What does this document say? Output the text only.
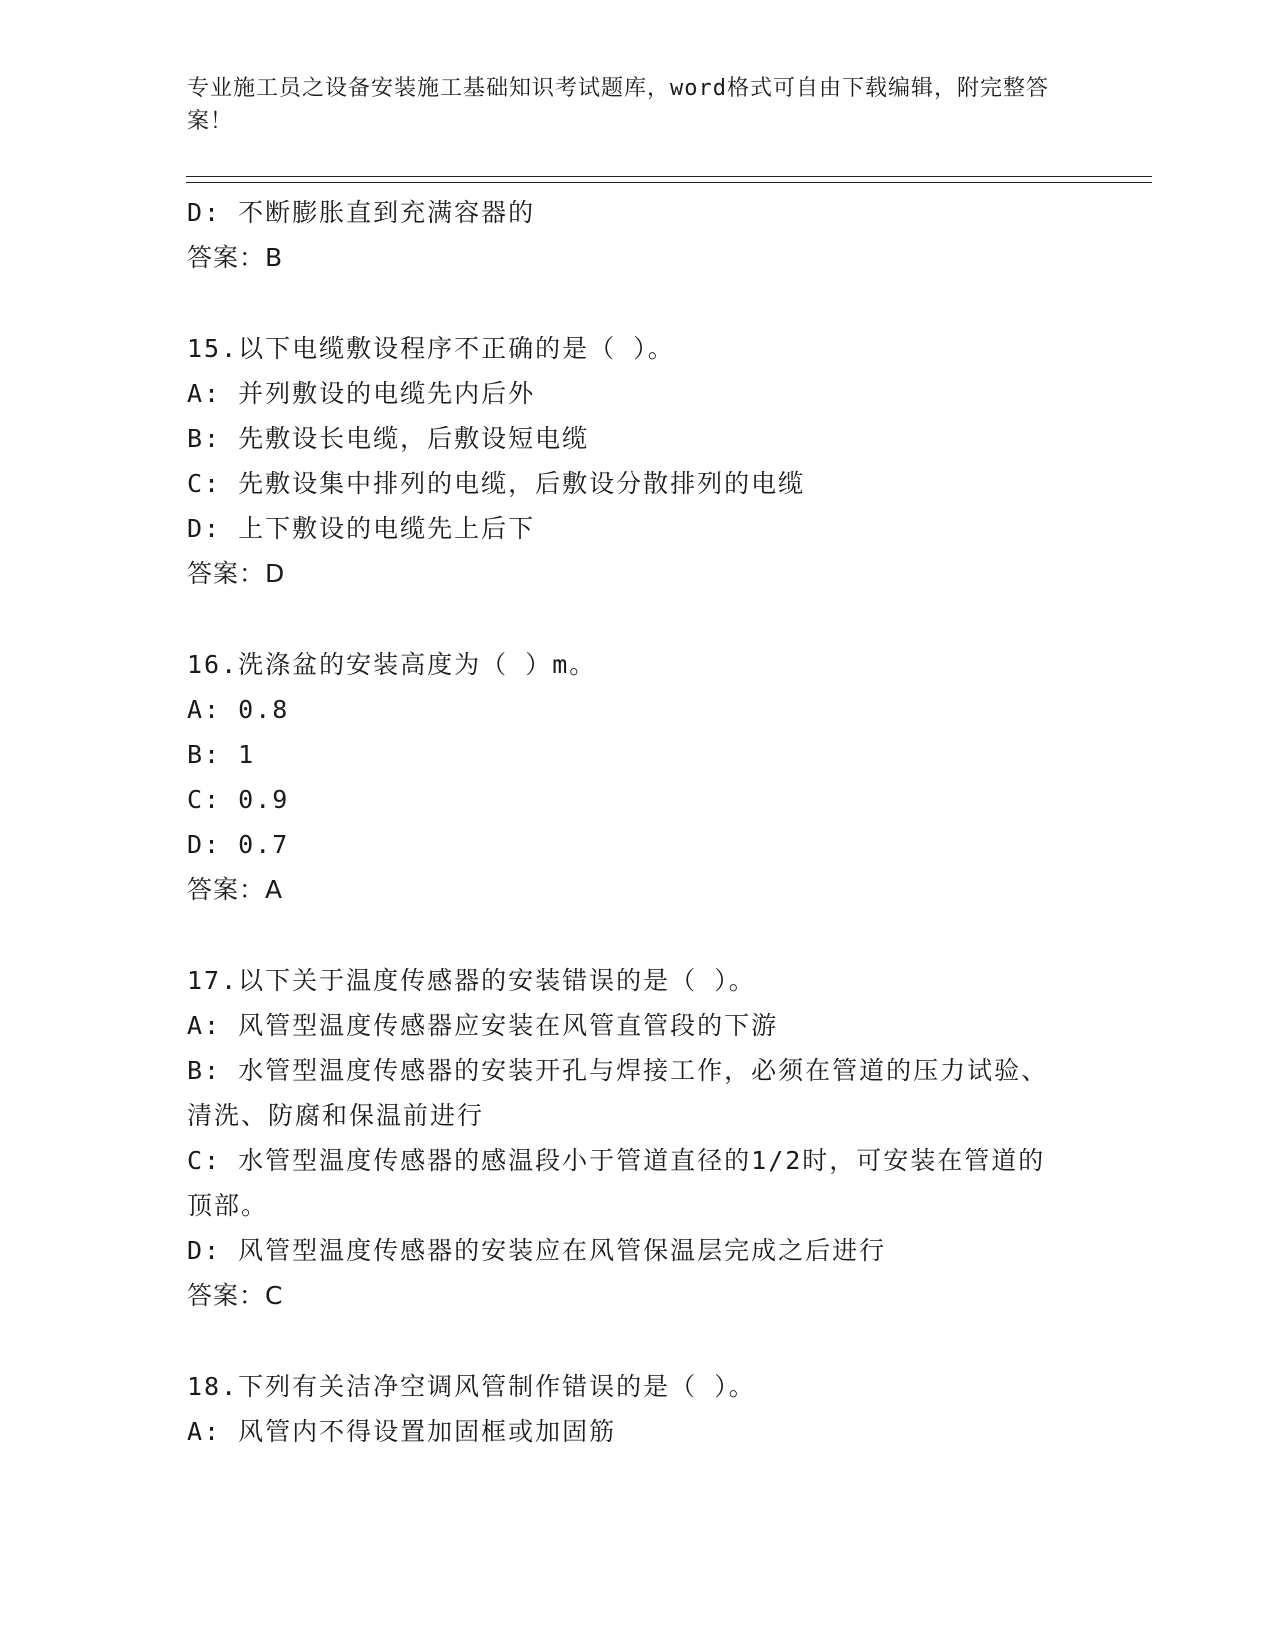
专业施工员之设备安装施工基础知识考试题库，word格式可自由下载编辑，附完整答案！
D: 不断膨胀直到充满容器的
答案：B
15.以下电缆敷设程序不正确的是（ ）。
A: 并列敷设的电缆先内后外
B: 先敷设长电缆，后敷设短电缆
C: 先敷设集中排列的电缆，后敷设分散排列的电缆
D: 上下敷设的电缆先上后下
答案：D
16.洗涤盆的安装高度为（ ）m。
A: 0.8
B: 1
C: 0.9
D: 0.7
答案：A
17.以下关于温度传感器的安装错误的是（ ）。
A: 风管型温度传感器应安装在风管直管段的下游
B: 水管型温度传感器的安装开孔与焊接工作，必须在管道的压力试验、清洗、防腐和保温前进行
C: 水管型温度传感器的感温段小于管道直径的1/2时，可安装在管道的顶部。
D: 风管型温度传感器的安装应在风管保温层完成之后进行
答案：C
18.下列有关洁净空调风管制作错误的是（ ）。
A: 风管内不得设置加固框或加固筋
